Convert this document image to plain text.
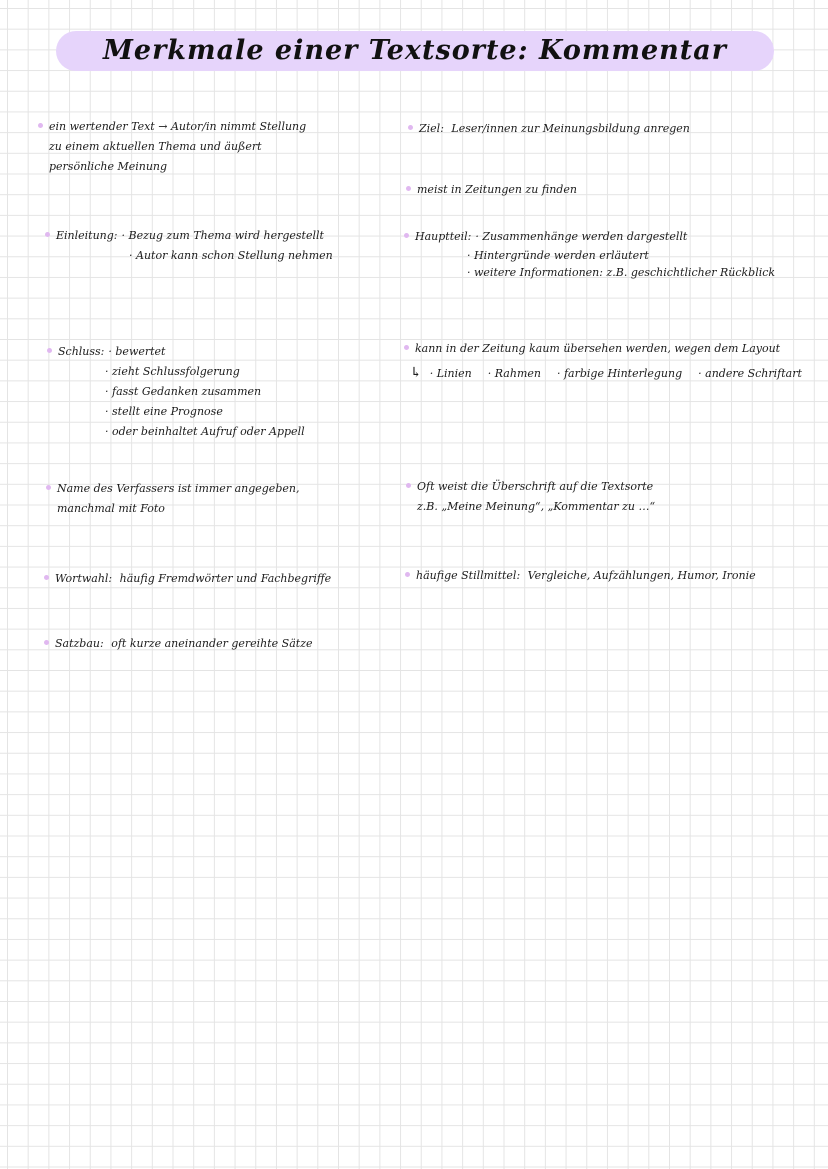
Merkmale einer Textsorte: Kommentar
ein wertender Text → Autor/in nimmt Stellung
zu einem aktuellen Thema und äußert
persönliche Meinung
Einleitung: · Bezug zum Thema wird hergestellt
· Autor kann schon Stellung nehmen
Schluss: · bewertet
· zieht Schlussfolgerung
· fasst Gedanken zusammen
· stellt eine Prognose
· oder beinhaltet Aufruf oder Appell
Name des Verfassers ist immer angegeben,
manchmal mit Foto
Wortwahl: häufig Fremdwörter und Fachbegriffe
Satzbau: oft kurze aneinander gereihte Sätze
Ziel: Leser/innen zur Meinungsbildung anregen
meist in Zeitungen zu finden
Hauptteil: · Zusammenhänge werden dargestellt
· Hintergründe werden erläutert
· weitere Informationen: z.B. geschichtlicher Rückblick
kann in der Zeitung kaum übersehen werden, wegen dem Layout
↳ · Linien · Rahmen · farbige Hinterlegung · andere Schriftart
Oft weist die Überschrift auf die Textsorte
z.B. „Meine Meinung“, „Kommentar zu …“
häufige Stillmittel: Vergleiche, Aufzählungen, Humor, Ironie
